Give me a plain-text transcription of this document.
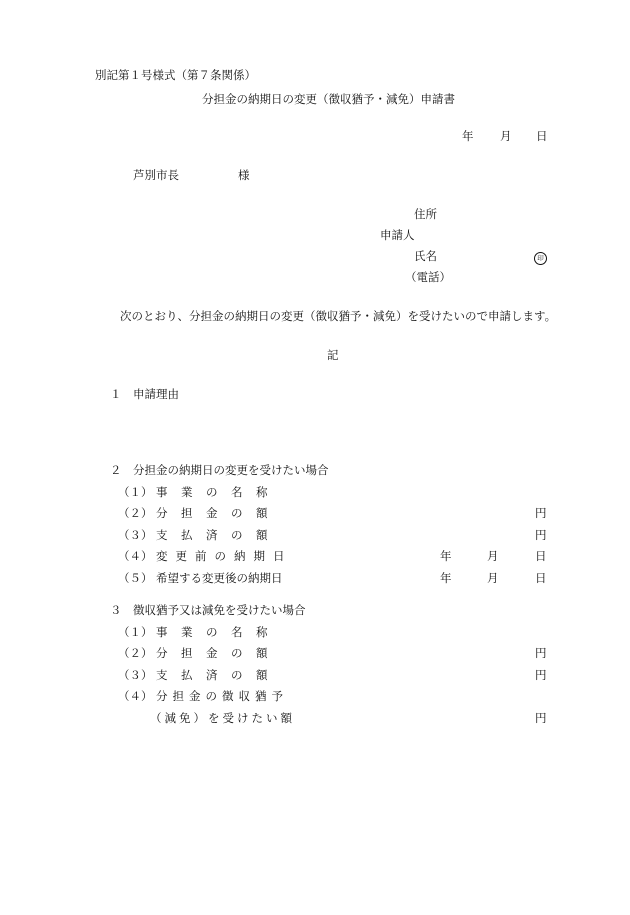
別記第１号様式（第７条関係）
分担金の納期日の変更（徴収猶予・減免）申請書
年 月 日
芦別市長	様
住所
申請人
氏名	印
（電話）
次のとおり、分担金の納期日の変更（徴収猶予・減免）を受けたいので申請します。
記
１　申請理由
２　分担金の納期日の変更を受けたい場合
（１） 事　業　の　名　称
（２） 分　担　金　の　額	円
（３） 支　払　済　の　額	円
（４） 変更前の納期日	年	月	日
（５） 希望する変更後の納期日	年	月	日
３　徴収猶予又は減免を受けたい場合
（１） 事　業　の　名　称
（２） 分　担　金　の　額	円
（３） 支　払　済　の　額	円
（４） 分担金の徴収猶予
（減免）を受けたい額	円
